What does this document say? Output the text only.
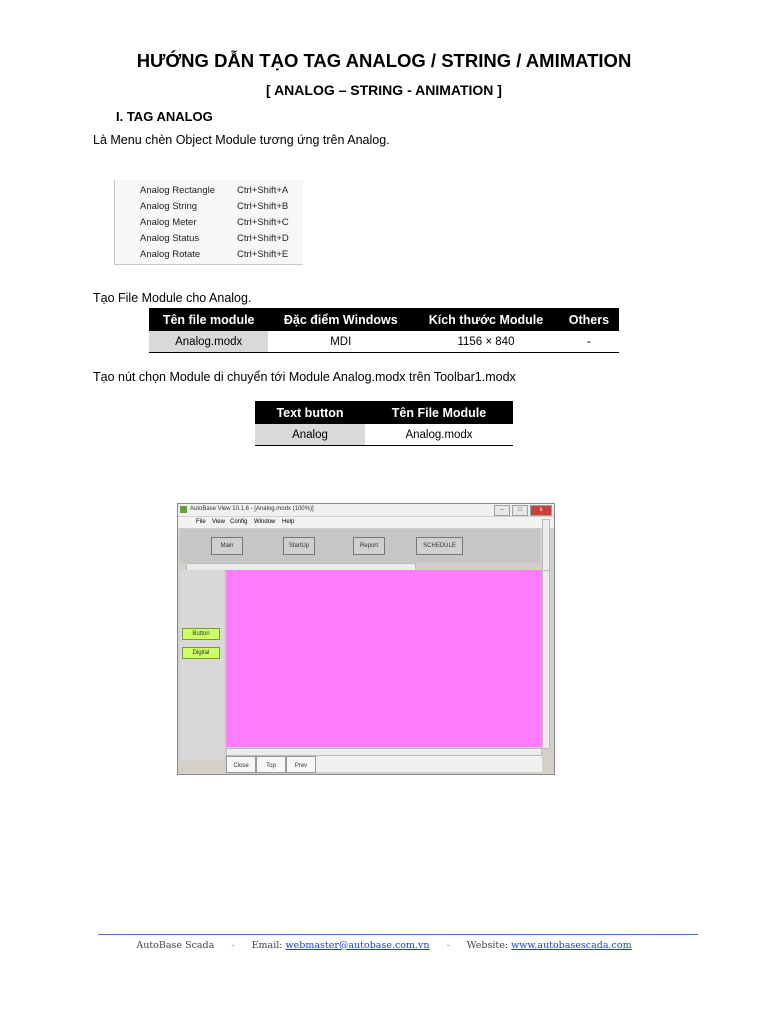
HƯỚNG DẪN TẠO TAG ANALOG / STRING / AMIMATION
[ ANALOG – STRING - ANIMATION ]
I. TAG ANALOG
Là Menu chèn Object Module tương ứng trên Analog.
Analog Rectangle Ctrl+Shift+A
Analog String	Ctrl+Shift+B
Analog Meter	Ctrl+Shift+C
Analog Status	Ctrl+Shift+D
Analog Rotate	Ctrl+Shift+E
Tạo File Module cho Analog.
Tên file module	Đặc điểm Windows	Kích thước Module	Others
Analog.modx	MDI	1156 × 840	-
Tạo nút chọn Module di chuyển tới Module Analog.modx trên Toolbar1.modx
Text button	Tên File Module
Analog	Analog.modx
AutoBase View 10.1.6 - [Analog.modx (100%)]	–	□	x
File View Config Window Help
Main	StartUp	Report	SCHEDULE
Button
Digital
Close	Top	Prev
AutoBase Scada - Email: webmaster@autobase.com.vn - Website: www.autobasescada.com
